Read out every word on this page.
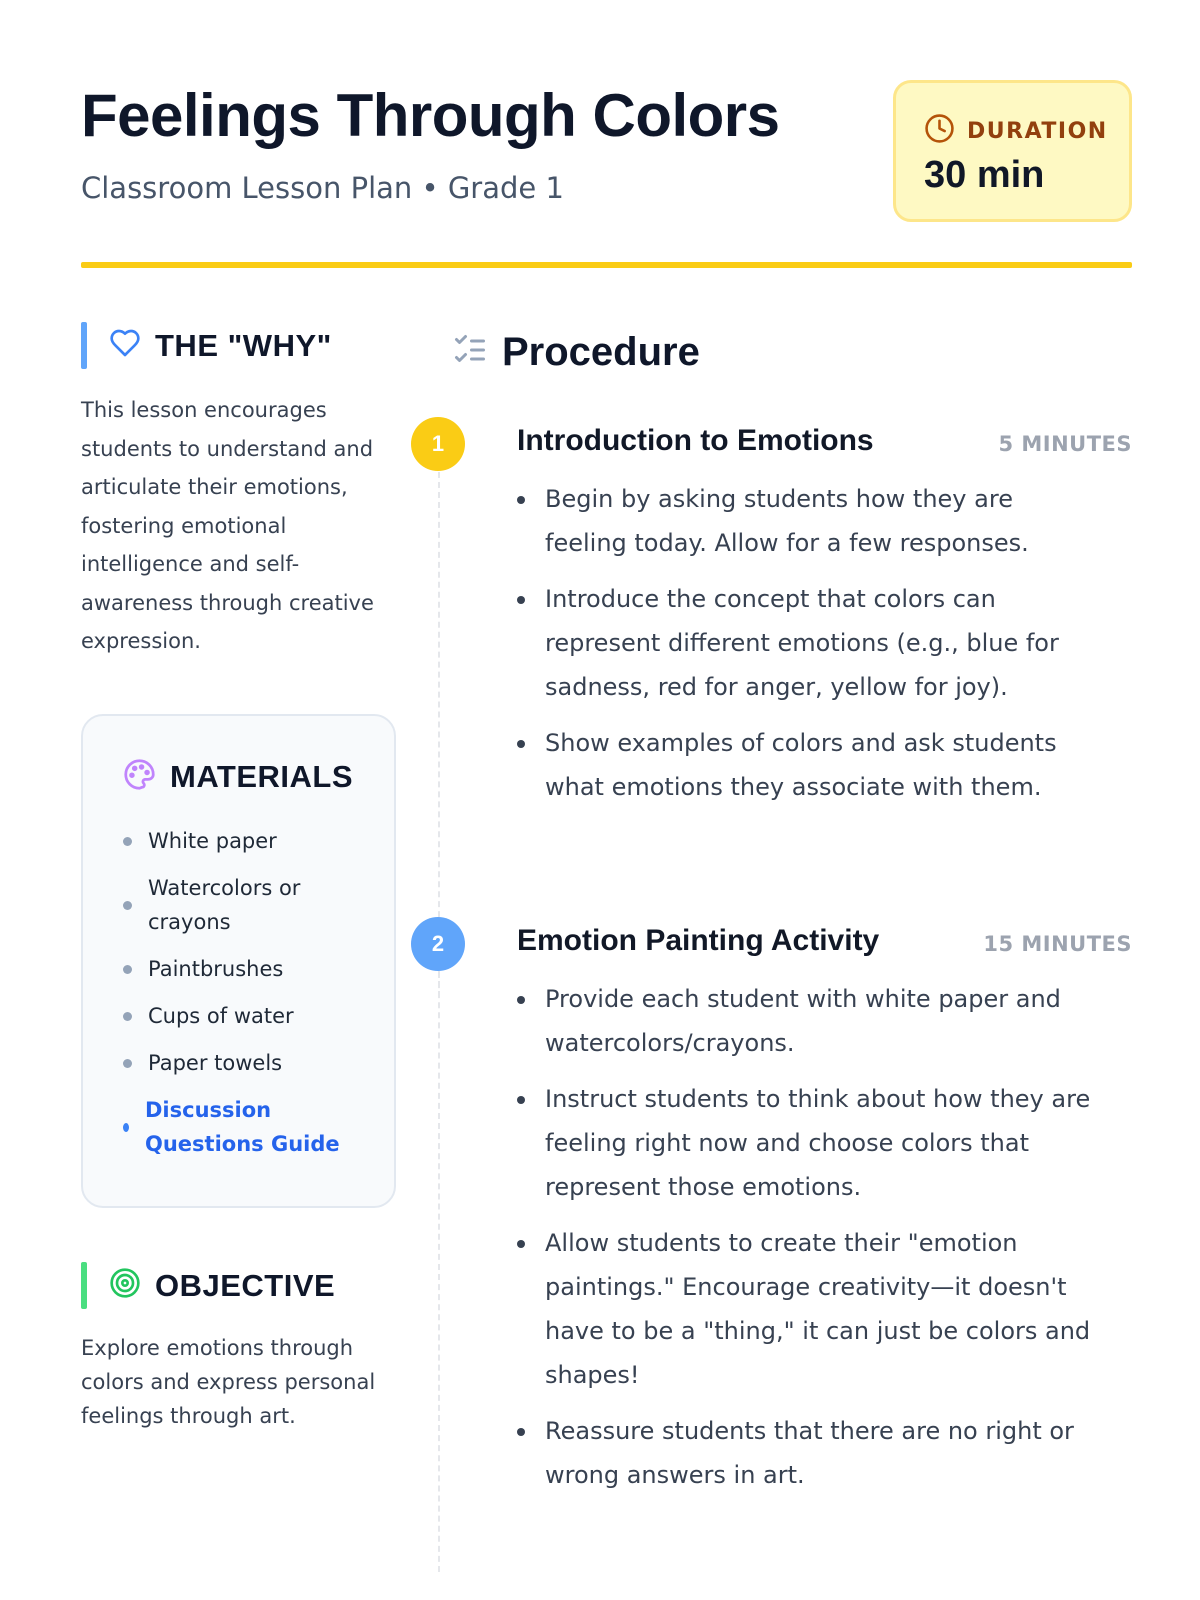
Feelings Through Colors
Classroom Lesson Plan • Grade 1
DURATION
30 min
THE "WHY"

This lesson encourages students to understand and articulate their emotions, fostering emotional intelligence and self-awareness through creative expression.

MATERIALS
White paper
Watercolors or crayons
Paintbrushes
Cups of water
Paper towels
Discussion Questions Guide
OBJECTIVE

Explore emotions through colors and express personal feelings through art.

Procedure
1	Introduction to Emotions	5 MINUTES
Begin by asking students how they are feeling today. Allow for a few responses.
Introduce the concept that colors can represent different emotions (e.g., blue for sadness, red for anger, yellow for joy).
Show examples of colors and ask students what emotions they associate with them.
2	Emotion Painting Activity	15 MINUTES
Provide each student with white paper and watercolors/crayons.
Instruct students to think about how they are feeling right now and choose colors that represent those emotions.
Allow students to create their "emotion paintings." Encourage creativity—it doesn't have to be a "thing," it can just be colors and shapes!
Reassure students that there are no right or wrong answers in art.
